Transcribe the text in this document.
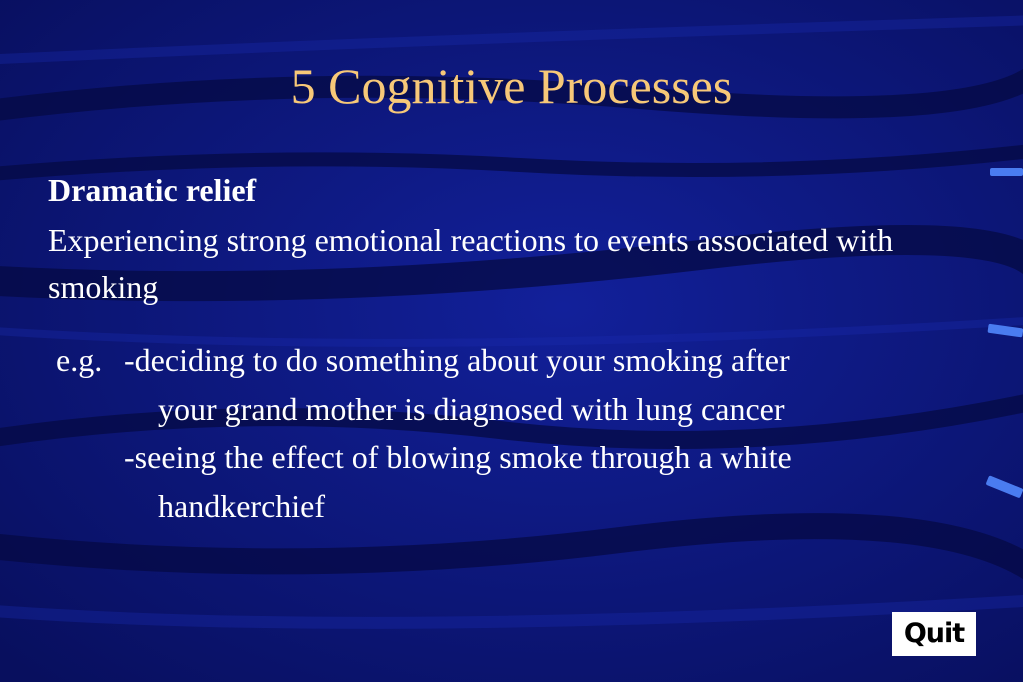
5 Cognitive Processes
Dramatic relief
Experiencing strong emotional reactions to events associated with smoking
e.g. -deciding to do something about your smoking after
your grand mother is diagnosed with lung cancer
-seeing the effect of blowing smoke through a white
handkerchief
Quit
